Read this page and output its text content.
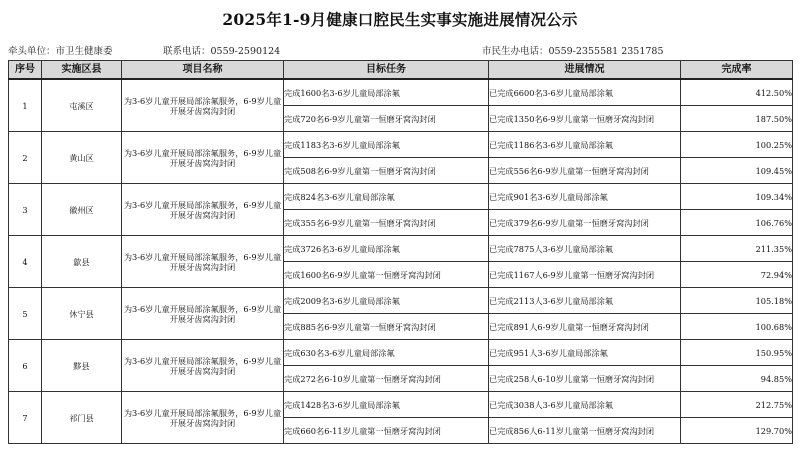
2025年1-9月健康口腔民生实事实施进展情况公示
牵头单位：市卫生健康委	联系电话：0559-2590124	市民生办电话：0559-2355581 2351785
序号	实施区县	项目名称	目标任务	进展情况	完成率
1	屯溪区	为3-6岁儿童开展局部涂氟服务，6-9岁儿童开展牙齿窝沟封闭	完成1600名3-6岁儿童局部涂氟	已完成6600名3-6岁儿童局部涂氟	412.50%
			完成720名6-9岁儿童第一恒磨牙窝沟封闭	已完成1350名6-9岁儿童第一恒磨牙窝沟封闭	187.50%
2	黄山区	为3-6岁儿童开展局部涂氟服务，6-9岁儿童开展牙齿窝沟封闭	完成1183名3-6岁儿童局部涂氟	已完成1186名3-6岁儿童局部涂氟	100.25%
			完成508名6-9岁儿童第一恒磨牙窝沟封闭	已完成556名6-9岁儿童第一恒磨牙窝沟封闭	109.45%
3	徽州区	为3-6岁儿童开展局部涂氟服务，6-9岁儿童开展牙齿窝沟封闭	完成824名3-6岁儿童局部涂氟	已完成901名3-6岁儿童局部涂氟	109.34%
			完成355名6-9岁儿童第一恒磨牙窝沟封闭	已完成379名6-9岁儿童第一恒磨牙窝沟封闭	106.76%
4	歙县	为3-6岁儿童开展局部涂氟服务，6-9岁儿童开展牙齿窝沟封闭	完成3726名3-6岁儿童局部涂氟	已完成7875人3-6岁儿童局部涂氟	211.35%
			完成1600名6-9岁儿童第一恒磨牙窝沟封闭	已完成1167人6-9岁儿童第一恒磨牙窝沟封闭	72.94%
5	休宁县	为3-6岁儿童开展局部涂氟服务，6-9岁儿童开展牙齿窝沟封闭	完成2009名3-6岁儿童局部涂氟	已完成2113人3-6岁儿童局部涂氟	105.18%
			完成885名6-9岁儿童第一恒磨牙窝沟封闭	已完成891人6-9岁儿童第一恒磨牙窝沟封闭	100.68%
6	黟县	为3-6岁儿童开展局部涂氟服务，6-9岁儿童开展牙齿窝沟封闭	完成630名3-6岁儿童局部涂氟	已完成951人3-6岁儿童局部涂氟	150.95%
			完成272名6-10岁儿童第一恒磨牙窝沟封闭	已完成258人6-10岁儿童第一恒磨牙窝沟封闭	94.85%
7	祁门县	为3-6岁儿童开展局部涂氟服务，6-9岁儿童开展牙齿窝沟封闭	完成1428名3-6岁儿童局部涂氟	已完成3038人3-6岁儿童局部涂氟	212.75%
			完成660名6-11岁儿童第一恒磨牙窝沟封闭	已完成856人6-11岁儿童第一恒磨牙窝沟封闭	129.70%
